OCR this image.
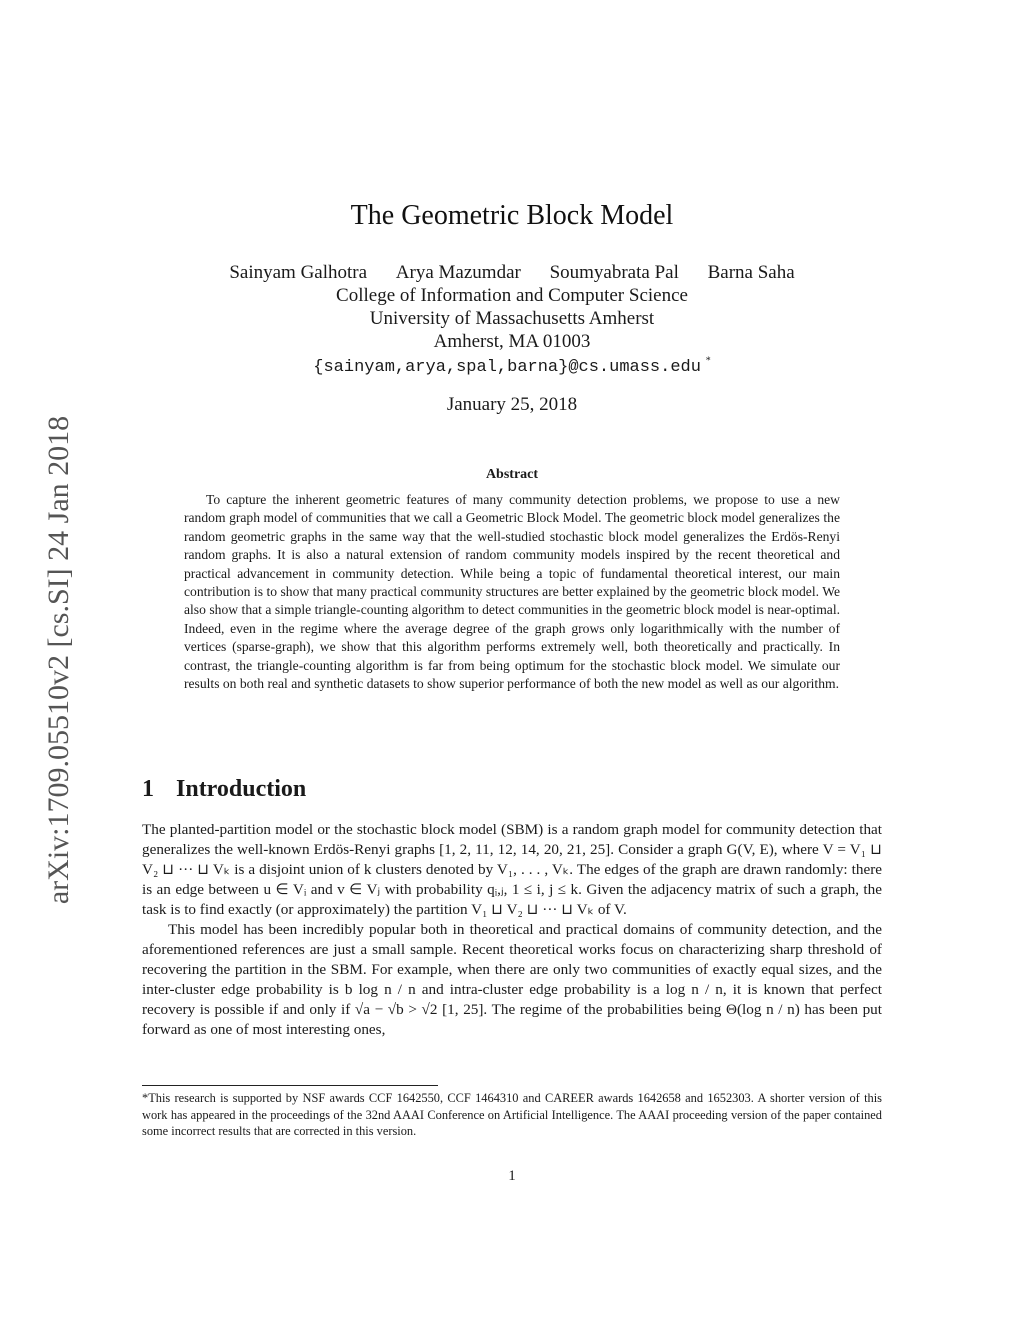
arXiv:1709.05510v2 [cs.SI] 24 Jan 2018
The Geometric Block Model
Sainyam Galhotra Arya Mazumdar Soumyabrata Pal Barna Saha
College of Information and Computer Science
University of Massachusetts Amherst
Amherst, MA 01003
{sainyam,arya,spal,barna}@cs.umass.edu *
January 25, 2018
Abstract
To capture the inherent geometric features of many community detection problems, we propose to use a new random graph model of communities that we call a Geometric Block Model. The geometric block model generalizes the random geometric graphs in the same way that the well-studied stochastic block model generalizes the Erdös-Renyi random graphs. It is also a natural extension of random community models inspired by the recent theoretical and practical advancement in community detection. While being a topic of fundamental theoretical interest, our main contribution is to show that many practical community structures are better explained by the geometric block model. We also show that a simple triangle-counting algorithm to detect communities in the geometric block model is near-optimal. Indeed, even in the regime where the average degree of the graph grows only logarithmically with the number of vertices (sparse-graph), we show that this algorithm performs extremely well, both theoretically and practically. In contrast, the triangle-counting algorithm is far from being optimum for the stochastic block model. We simulate our results on both real and synthetic datasets to show superior performance of both the new model as well as our algorithm.
1 Introduction

The planted-partition model or the stochastic block model (SBM) is a random graph model for community detection that generalizes the well-known Erdös-Renyi graphs [1, 2, 11, 12, 14, 20, 21, 25]. Consider a graph G(V, E), where V = V₁ ⊔ V₂ ⊔ ··· ⊔ Vₖ is a disjoint union of k clusters denoted by V₁, . . . , Vₖ. The edges of the graph are drawn randomly: there is an edge between u ∈ Vᵢ and v ∈ Vⱼ with probability qᵢ,ⱼ, 1 ≤ i, j ≤ k. Given the adjacency matrix of such a graph, the task is to find exactly (or approximately) the partition V₁ ⊔ V₂ ⊔ ··· ⊔ Vₖ of V.

This model has been incredibly popular both in theoretical and practical domains of community detection, and the aforementioned references are just a small sample. Recent theoretical works focus on characterizing sharp threshold of recovering the partition in the SBM. For example, when there are only two communities of exactly equal sizes, and the inter-cluster edge probability is b log n / n and intra-cluster edge probability is a log n / n, it is known that perfect recovery is possible if and only if √a − √b > √2 [1, 25]. The regime of the probabilities being Θ(log n / n) has been put forward as one of most interesting ones,

*This research is supported by NSF awards CCF 1642550, CCF 1464310 and CAREER awards 1642658 and 1652303. A shorter version of this work has appeared in the proceedings of the 32nd AAAI Conference on Artificial Intelligence. The AAAI proceeding version of the paper contained some incorrect results that are corrected in this version.
1
